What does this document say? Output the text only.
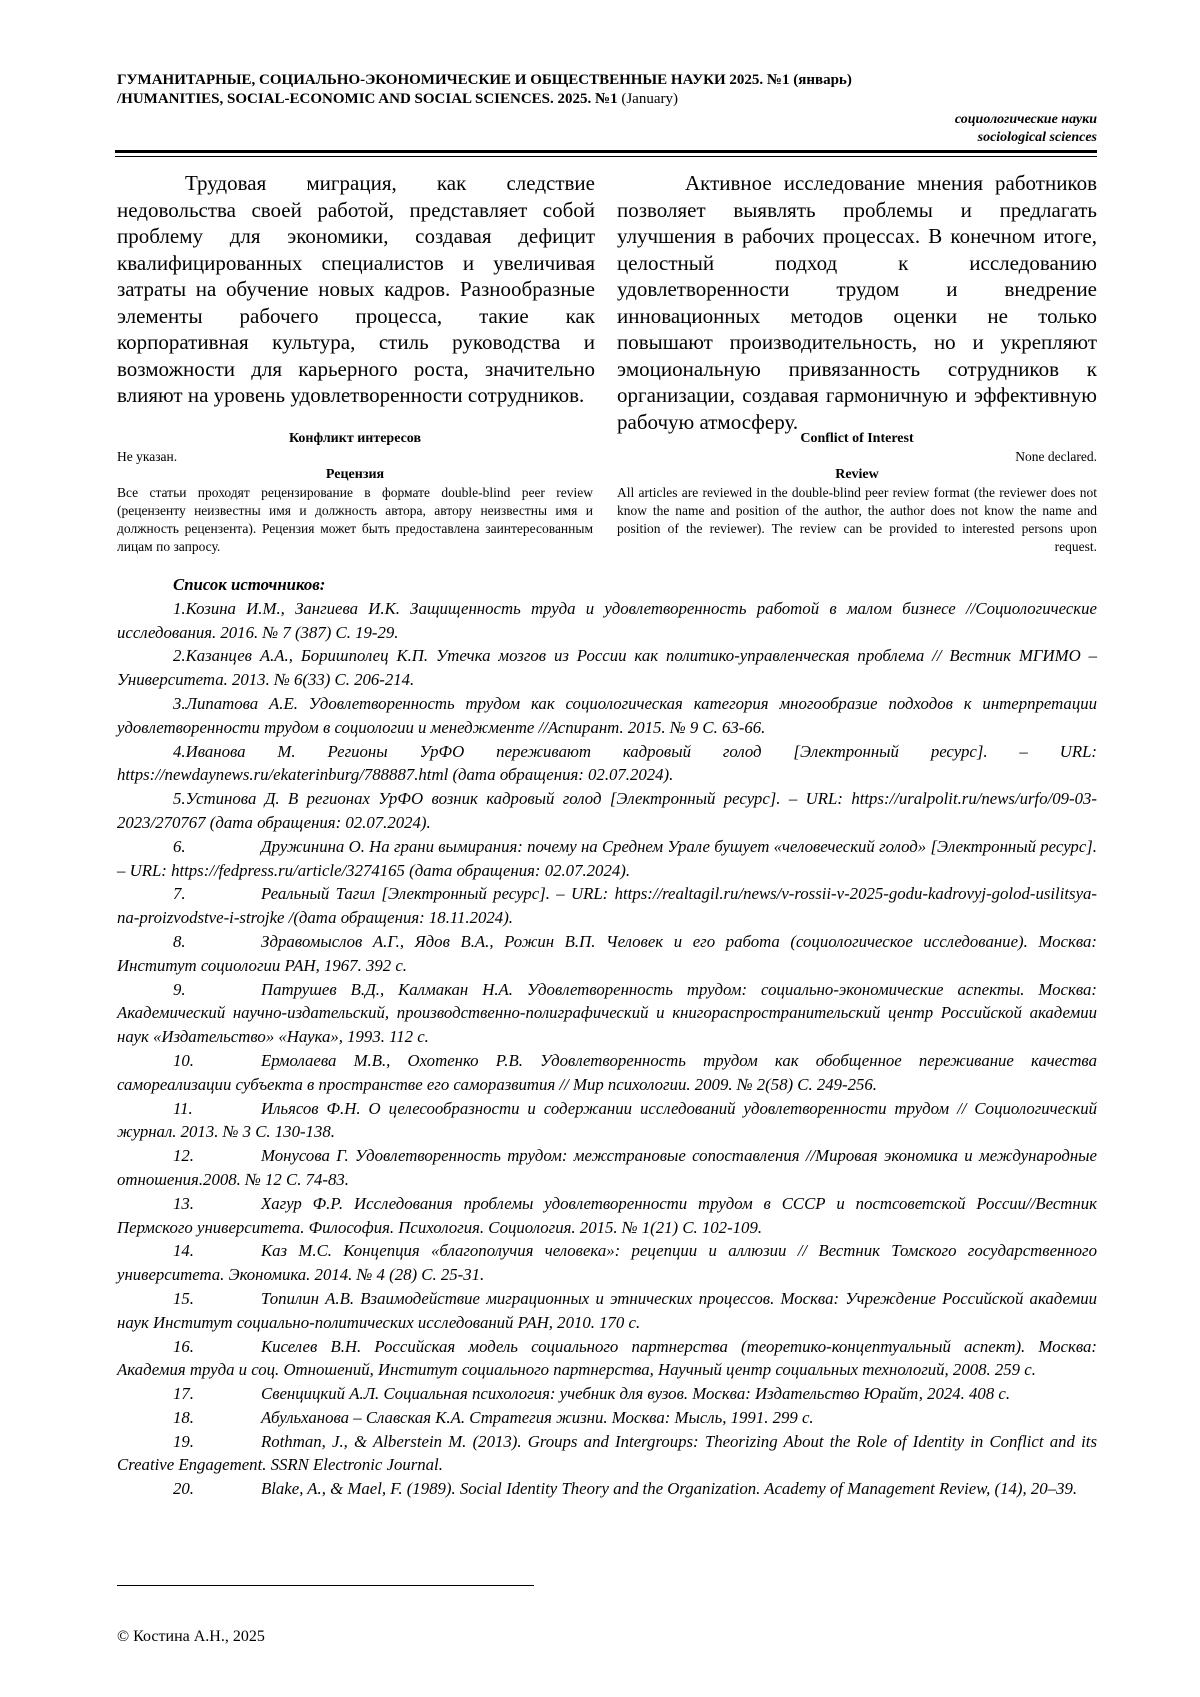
ГУМАНИТАРНЫЕ, СОЦИАЛЬНО-ЭКОНОМИЧЕСКИЕ И ОБЩЕСТВЕННЫЕ НАУКИ 2025. №1 (январь)
/HUMANITIES, SOCIAL-ECONOMIC AND SOCIAL SCIENCES. 2025. №1 (January)
социологические науки
sociological sciences

Трудовая миграция, как следствие недовольства своей работой, представляет собой проблему для экономики, создавая дефицит квалифицированных специалистов и увеличивая затраты на обучение новых кадров. Разнообразные элементы рабочего процесса, такие как корпоративная культура, стиль руководства и возможности для карьерного роста, значительно влияют на уровень удовлетворенности сотрудников.

Активное исследование мнения работников позволяет выявлять проблемы и предлагать улучшения в рабочих процессах. В конечном итоге, целостный подход к исследованию удовлетворенности трудом и внедрение инновационных методов оценки не только повышают производительность, но и укрепляют эмоциональную привязанность сотрудников к организации, создавая гармоничную и эффективную рабочую атмосферу.

Конфликт интересов
Не указан.
Рецензия
Все статьи проходят рецензирование в формате double-blind peer review (рецензенту неизвестны имя и должность автора, автору неизвестны имя и должность рецензента). Рецензия может быть предоставлена заинтересованным лицам по запросу.
Conflict of Interest
None declared.
Review
All articles are reviewed in the double-blind peer review format (the reviewer does not know the name and position of the author, the author does not know the name and position of the reviewer). The review can be provided to interested persons upon request.
Список источников:

1.Козина И.М., Зангиева И.К. Защищенность труда и удовлетворенность работой в малом бизнесе //Социологические исследования. 2016. № 7 (387) С. 19-29.

2.Казанцев А.А., Боришполец К.П. Утечка мозгов из России как политико-управленческая проблема // Вестник МГИМО – Университета. 2013. № 6(33) С. 206-214.

3.Липатова А.Е. Удовлетворенность трудом как социологическая категория многообразие подходов к интерпретации удовлетворенности трудом в социологии и менеджменте //Аспирант. 2015. № 9 С. 63-66.

4.Иванова М. Регионы УрФО переживают кадровый голод [Электронный ресурс]. – URL: https://newdaynews.ru/ekaterinburg/788887.html (дата обращения: 02.07.2024).

5.Устинова Д. В регионах УрФО возник кадровый голод [Электронный ресурс]. – URL: https://uralpolit.ru/news/urfo/09-03-2023/270767 (дата обращения: 02.07.2024).

6.	Дружинина О. На грани вымирания: почему на Среднем Урале бушует «человеческий голод» [Электронный ресурс]. – URL: https://fedpress.ru/article/3274165 (дата обращения: 02.07.2024).

7.	Реальный Тагил [Электронный ресурс]. – URL: https://realtagil.ru/news/v-rossii-v-2025-godu-kadrovyj-golod-usilitsya-na-proizvodstve-i-strojke /(дата обращения: 18.11.2024).

8.	Здравомыслов А.Г., Ядов В.А., Рожин В.П. Человек и его работа (социологическое исследование). Москва: Институт социологии РАН, 1967. 392 с.

9.	Патрушев В.Д., Калмакан Н.А. Удовлетворенность трудом: социально-экономические аспекты. Москва: Академический научно-издательский, производственно-полиграфический и книгораспространительский центр Российской академии наук «Издательство» «Наука», 1993. 112 с.

10.	Ермолаева М.В., Охотенко Р.В. Удовлетворенность трудом как обобщенное переживание качества самореализации субъекта в пространстве его саморазвития // Мир психологии. 2009. № 2(58) С. 249-256.

11.	Ильясов Ф.Н. О целесообразности и содержании исследований удовлетворенности трудом // Социологический журнал. 2013. № 3 С. 130-138.

12.	Монусова Г. Удовлетворенность трудом: межстрановые сопоставления //Мировая экономика и международные отношения.2008. № 12 С. 74-83.

13.	Хагур Ф.Р. Исследования проблемы удовлетворенности трудом в СССР и постсоветской России//Вестник Пермского университета. Философия. Психология. Социология. 2015. № 1(21) С. 102-109.

14.	Каз М.С. Концепция «благополучия человека»: рецепции и аллюзии // Вестник Томского государственного университета. Экономика. 2014. № 4 (28) С. 25-31.

15.	Топилин А.В. Взаимодействие миграционных и этнических процессов. Москва: Учреждение Российской академии наук Институт социально-политических исследований РАН, 2010. 170 с.

16.	Киселев В.Н. Российская модель социального партнерства (теоретико-концептуальный аспект). Москва: Академия труда и соц. Отношений, Институт социального партнерства, Научный центр социальных технологий, 2008. 259 с.

17.	Свенцицкий А.Л. Социальная психология: учебник для вузов. Москва: Издательство Юрайт, 2024. 408 с.

18.	Абульханова – Славская К.А. Стратегия жизни. Москва: Мысль, 1991. 299 с.

19.	Rothman, J., & Alberstein M. (2013). Groups and Intergroups: Theorizing About the Role of Identity in Conflict and its Creative Engagement. SSRN Electronic Journal.

20.	Blake, A., & Mael, F. (1989). Social Identity Theory and the Organization. Academy of Management Review, (14), 20–39.

© Костина А.Н., 2025
